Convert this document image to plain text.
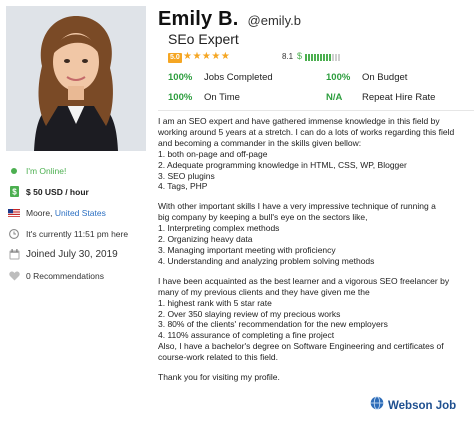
Emily B. @emily.b
SEo Expert
5.0 ★★★★★	8.1 $
100% Jobs Completed	100% On Budget
100% On Time	N/A Repeat Hire Rate
I'm Online!
$ $ 50 USD / hour
Moore,
United States
It's currently 11:51 pm here
Joined July 30, 2019
0 Recommendations
I am an SEO expert and have gathered immense knowledge in this field by
working around 5 years at a stretch. I can do a lots of works regarding this field
and becoming a commander in the skills given bellow:
1. both on-page and off-page
2. Adequate programming knowledge in HTML, CSS, WP, Blogger
3. SEO plugins
4. Tags, PHP
With other important skills I have a very impressive technique of running a
big company by keeping a bull's eye on the sectors like,
1. Interpreting complex methods
2. Organizing heavy data
3. Managing important meeting with proficiency
4. Understanding and analyzing problem solving methods
I have been acquainted as the best learner and a vigorous SEO freelancer by
many of my previous clients and they have given me the
1. highest rank with 5 star rate
2. Over 350 slaying review of my precious works
3. 80% of the clients' recommendation for the new employers
4. 110% assurance of completing a fine project
Also, I have a bachelor's degree on Software Engineering and certificates of
course-work related to this field.
Thank you for visiting my profile.
Webson Job
